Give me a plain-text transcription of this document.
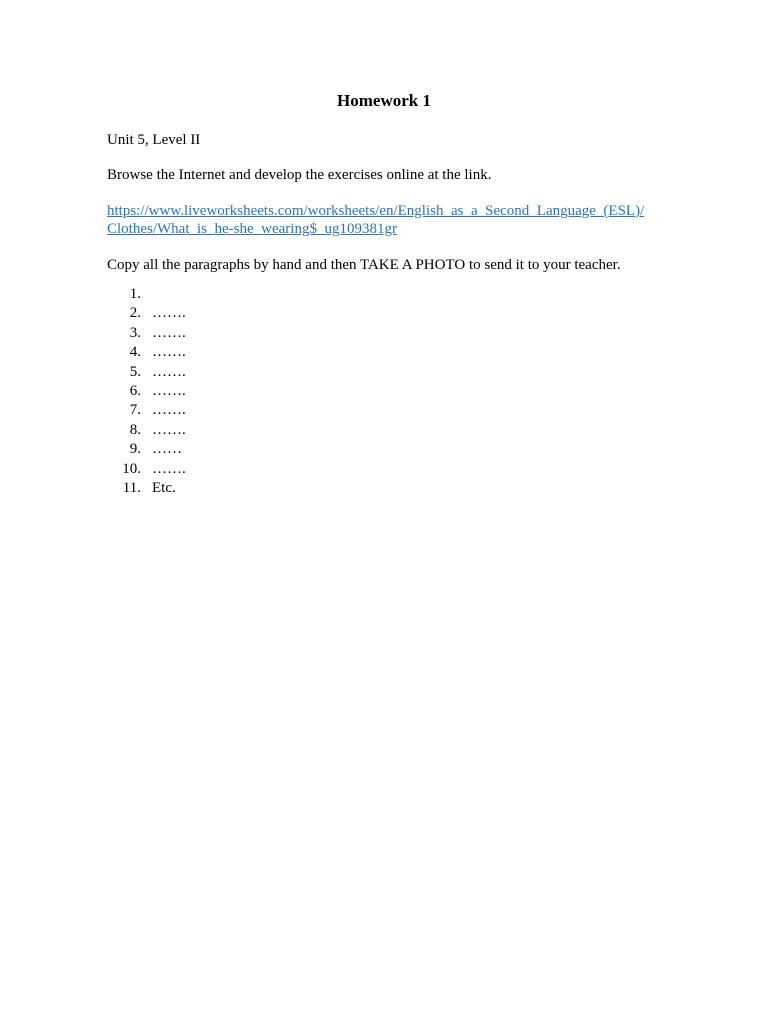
Homework 1

Unit 5, Level II

Browse the Internet and develop the exercises online at the link.

https://www.liveworksheets.com/worksheets/en/English_as_a_Second_Language_(ESL)/
Clothes/What_is_he-she_wearing$_ug109381gr

Copy all the paragraphs by hand and then TAKE A PHOTO to send it to your teacher.

1.
2. …….
3. …….
4. …….
5. …….
6. …….
7. …….
8. …….
9. ……
10. …….
11. Etc.
